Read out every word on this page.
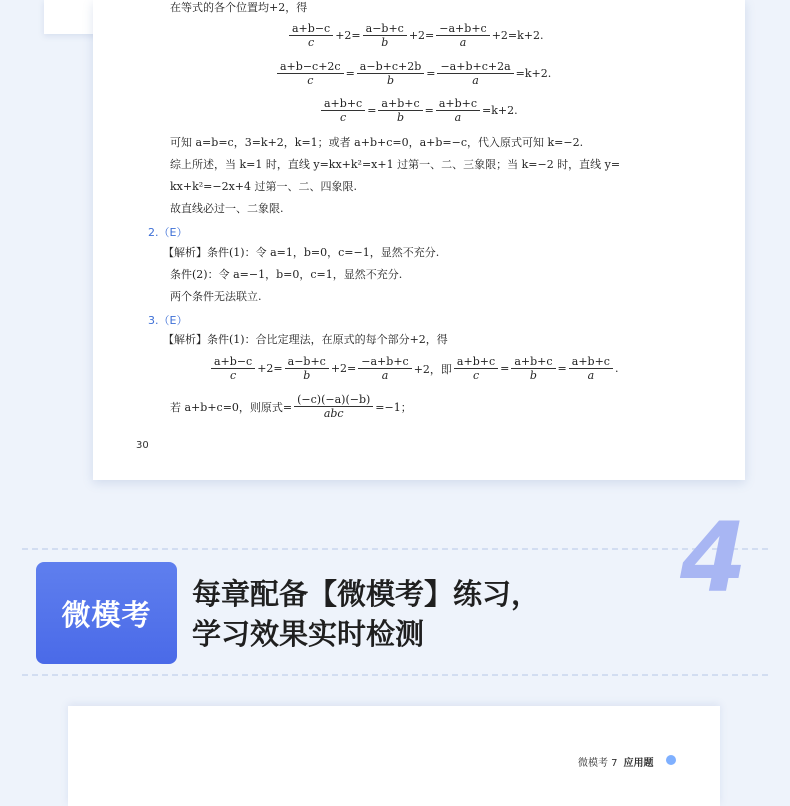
在等式的各个位置均+2，得
$\frac{a+b-c}{c} +2= \frac{a-b+c}{b} +2= \frac{-a+b+c}{a} +2=k+2$.
$\frac{a+b-c+2c}{c} = \frac{a-b+c+2b}{b} = \frac{-a+b+c+2a}{a} =k+2$.
$\frac{a+b+c}{c} = \frac{a+b+c}{b} = \frac{a+b+c}{a} =k+2$.
可知 a=b=c，3=k+2，k=1；或者 a+b+c=0，a+b=−c，代入原式可知 k=−2.
综上所述，当 k=1 时，直线 y=kx+k²=x+1 过第一、二、三象限；当 k=−2 时，直线 y=
kx+k²=−2x+4 过第一、二、四象限.
故直线必过一、二象限.
2.（E）
【解析】条件(1)：令 a=1，b=0，c=−1，显然不充分.
条件(2)：令 a=−1，b=0，c=1，显然不充分.
两个条件无法联立.
3.（E）
【解析】条件(1)：合比定理法，在原式的每个部分+2，得
$\frac{a+b-c}{c} +2= \frac{a-b+c}{b} +2= \frac{-a+b+c}{a} +2$，即 $\frac{a+b+c}{c} = \frac{a+b+c}{b} = \frac{a+b+c}{a}$ .
若 a+b+c=0，则原式= $\frac{(-c)(-a)(-b)}{\text{abc}} =-1$；
30
4
微模考
每章配备【微模考】练习，
学习效果实时检测
微模考 7 应用题
